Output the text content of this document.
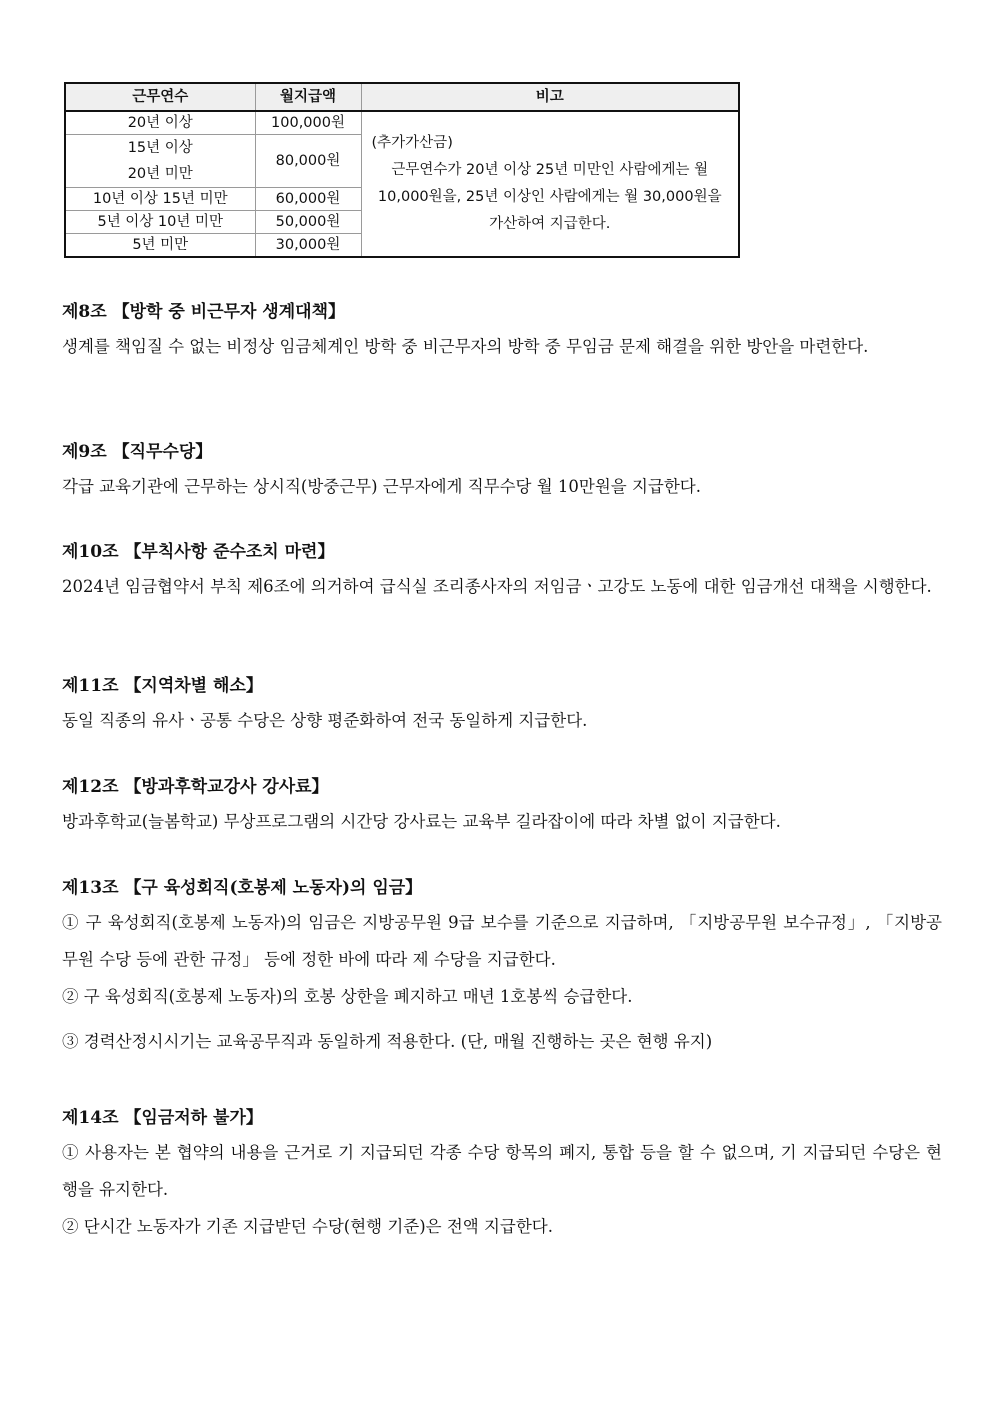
근무연수	월지급액	비고
20년 이상	100,000원	(추가가산금)
근무연수가 20년 이상 25년 미만인 사람에게는 월 10,000원을, 25년 이상인 사람에게는 월 30,000원을 가산하여 지급한다.
15년 이상
20년 미만	80,000원	

10년 이상 15년 미만	60,000원	
5년 이상 10년 미만	50,000원	
5년 미만	30,000원	
제8조 【방학 중 비근무자 생계대책】

생계를 책임질 수 없는 비정상 임금체계인 방학 중 비근무자의 방학 중 무임금 문제 해결을 위한 방안을 마련한다.

제9조 【직무수당】

각급 교육기관에 근무하는 상시직(방중근무) 근무자에게 직무수당 월 10만원을 지급한다.

제10조 【부칙사항 준수조치 마련】

2024년 임금협약서 부칙 제6조에 의거하여 급식실 조리종사자의 저임금ㆍ고강도 노동에 대한 임금개선 대책을 시행한다.

제11조 【지역차별 해소】

동일 직종의 유사ㆍ공통 수당은 상향 평준화하여 전국 동일하게 지급한다.

제12조 【방과후학교강사 강사료】

방과후학교(늘봄학교) 무상프로그램의 시간당 강사료는 교육부 길라잡이에 따라 차별 없이 지급한다.

제13조 【구 육성회직(호봉제 노동자)의 임금】

① 구 육성회직(호봉제 노동자)의 임금은 지방공무원 9급 보수를 기준으로 지급하며, 「지방공무원 보수규정」, 「지방공무원 수당 등에 관한 규정」 등에 정한 바에 따라 제 수당을 지급한다.

② 구 육성회직(호봉제 노동자)의 호봉 상한을 폐지하고 매년 1호봉씩 승급한다.

③ 경력산정시시기는 교육공무직과 동일하게 적용한다. (단, 매월 진행하는 곳은 현행 유지)

제14조 【임금저하 불가】

① 사용자는 본 협약의 내용을 근거로 기 지급되던 각종 수당 항목의 폐지, 통합 등을 할 수 없으며, 기 지급되던 수당은 현행을 유지한다.

② 단시간 노동자가 기존 지급받던 수당(현행 기준)은 전액 지급한다.
